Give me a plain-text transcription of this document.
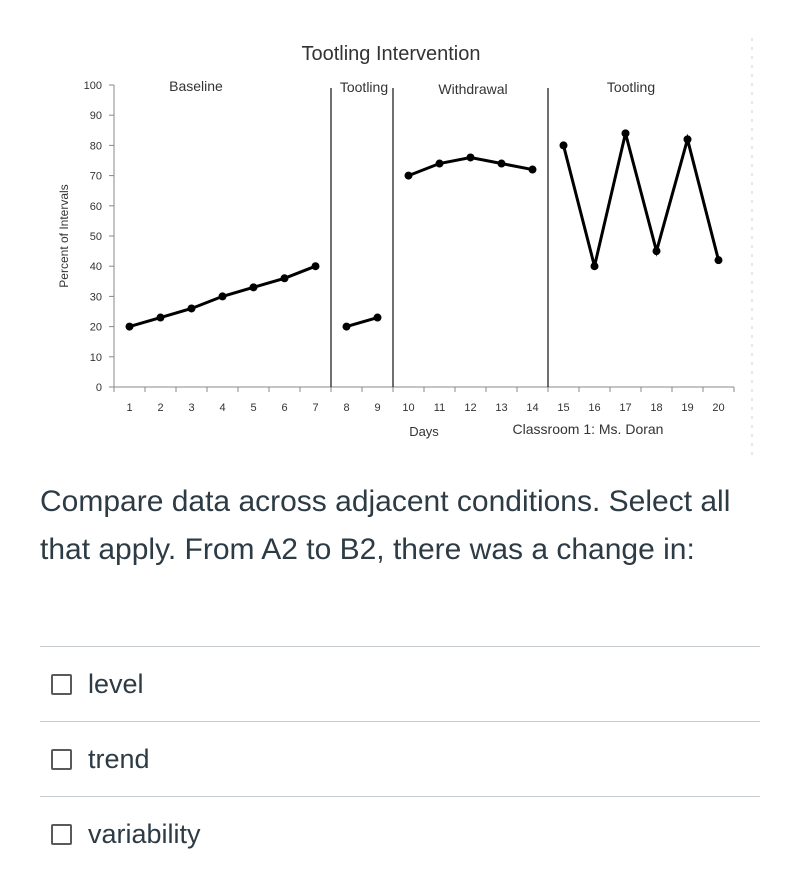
Tootling Intervention
Baseline	Tootling	Withdrawal	Tootling
Percent of Intervals
Days	Classroom 1: Ms. Doran
0
10
20
30
40
50
60
70
80
90
100
1 2 3 4 5 6 7 8 9 10 11 12 13 14 15 16 17 18 19 20
Compare data across adjacent conditions. Select all that apply. From A2 to B2, there was a change in:
level
trend
variability
